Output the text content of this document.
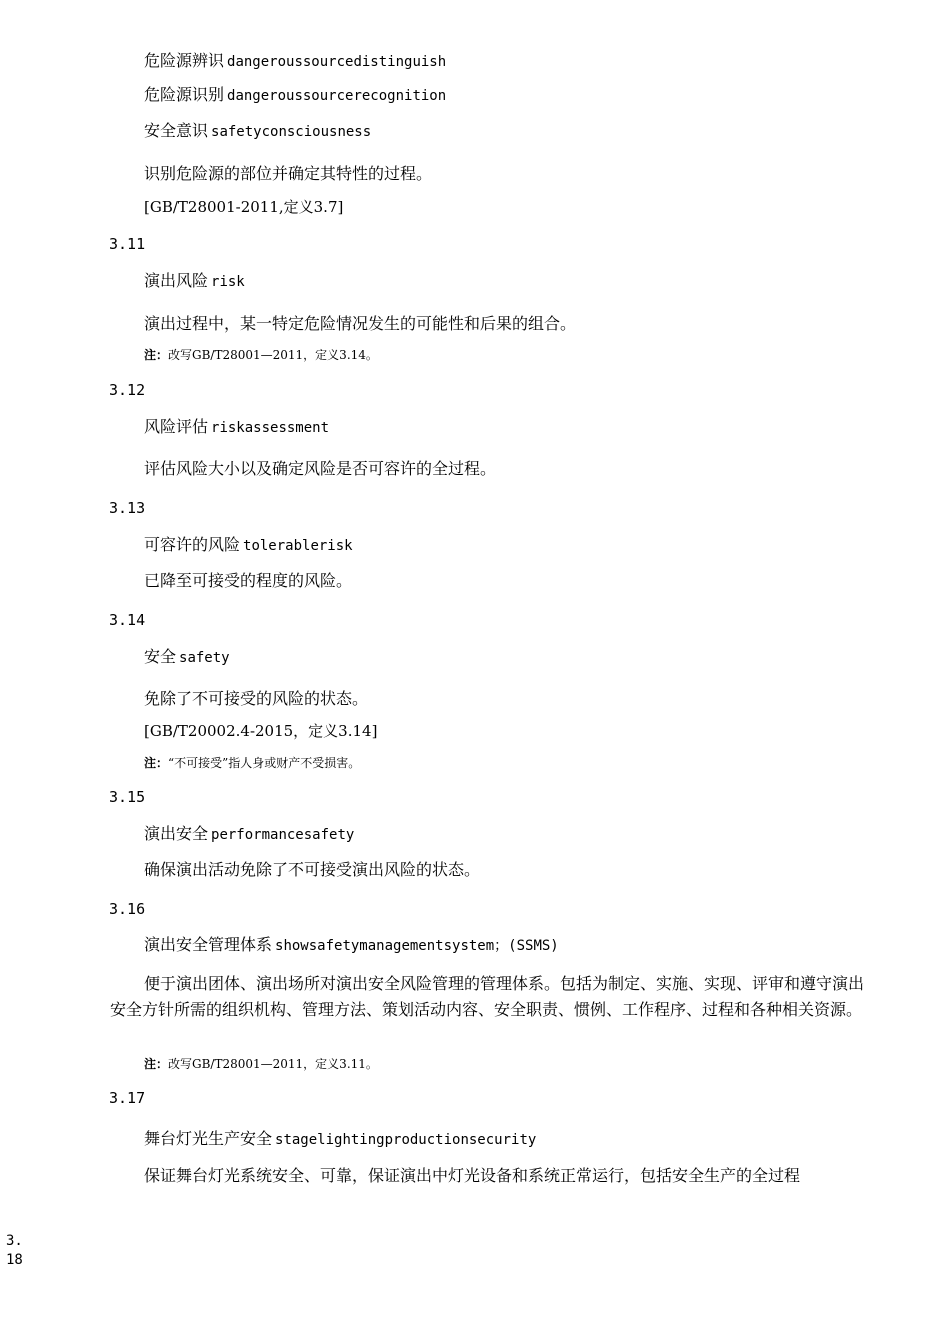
危险源辨识 dangeroussourcedistinguish
危险源识别 dangeroussourcerecognition
安全意识 safetyconsciousness
识别危险源的部位并确定其特性的过程。
[GB/T28001-2011,定义3.7]
3.11
演出风险 risk
演出过程中，某一特定危险情况发生的可能性和后果的组合。
注：改写GB/T28001—2011，定义3.14。
3.12
风险评估 riskassessment
评估风险大小以及确定风险是否可容许的全过程。
3.13
可容许的风险 tolerablerisk
已降至可接受的程度的风险。
3.14
安全 safety
免除了不可接受的风险的状态。
[GB/T20002.4-2015，定义3.14]
注：“不可接受”指人身或财产不受损害。
3.15
演出安全 performancesafety
确保演出活动免除了不可接受演出风险的状态。
3.16
演出安全管理体系 showsafetymanagementsystem；(SSMS)
便于演出团体、演出场所对演出安全风险管理的管理体系。包括为制定、实施、实现、评审和遵守演出安全方针所需的组织机构、管理方法、策划活动内容、安全职责、惯例、工作程序、过程和各种相关资源。
注：改写GB/T28001—2011，定义3.11。
3.17
舞台灯光生产安全 stagelightingproductionsecurity
保证舞台灯光系统安全、可靠，保证演出中灯光设备和系统正常运行，包括安全生产的全过程
3.
18
